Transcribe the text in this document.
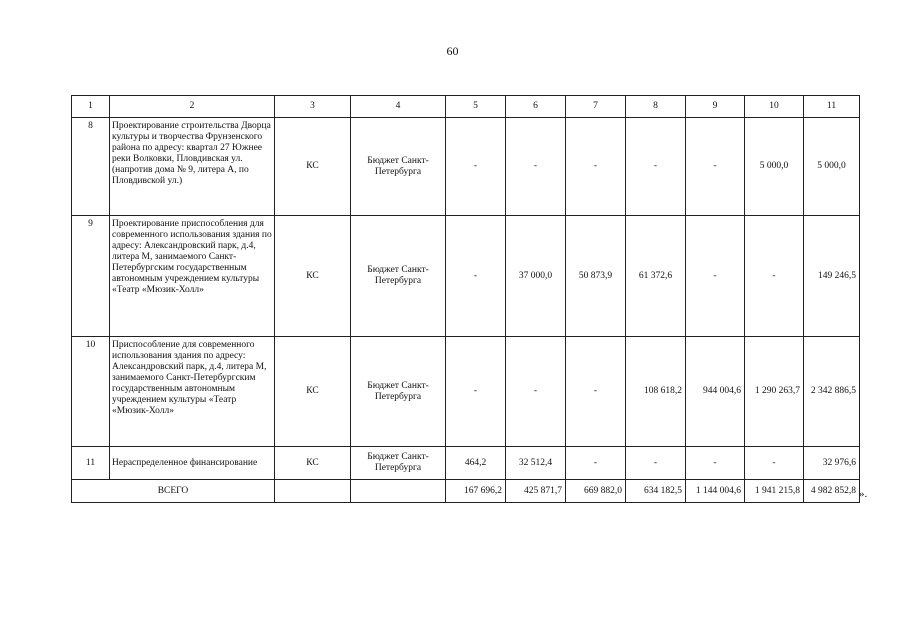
60
1	2	3	4	5	6	7	8	9	10	11
8	Проектирование строительства Дворца культуры и творчества Фрунзенского района по адресу: квартал 27 Южнее реки Волковки, Пловдивская ул. (напротив дома № 9, литера А, по Пловдивской ул.)	КС	Бюджет Санкт-Петербурга	-	-	-	-	-	5 000,0	5 000,0
9	Проектирование приспособления для современного использования здания по адресу: Александровский парк, д.4, литера М, занимаемого Санкт-Петербургским государственным автономным учреждением культуры «Театр «Мюзик-Холл»	КС	Бюджет Санкт-Петербурга	-	37 000,0	50 873,9	61 372,6	-	-	149 246,5
10	Приспособление для современного использования здания по адресу: Александровский парк, д.4, литера М, занимаемого Санкт-Петербургским государственным автономным учреждением культуры «Театр «Мюзик-Холл»	КС	Бюджет Санкт-Петербурга	-	-	-	108 618,2	944 004,6	1 290 263,7	2 342 886,5
11	Нераспределенное финансирование	КС	Бюджет Санкт-Петербурга	464,2	32 512,4	-	-	-	-	32 976,6
ВСЕГО				167 696,2	425 871,7	669 882,0	634 182,5	1 144 004,6	1 941 215,8	4 982 852,8 ».
